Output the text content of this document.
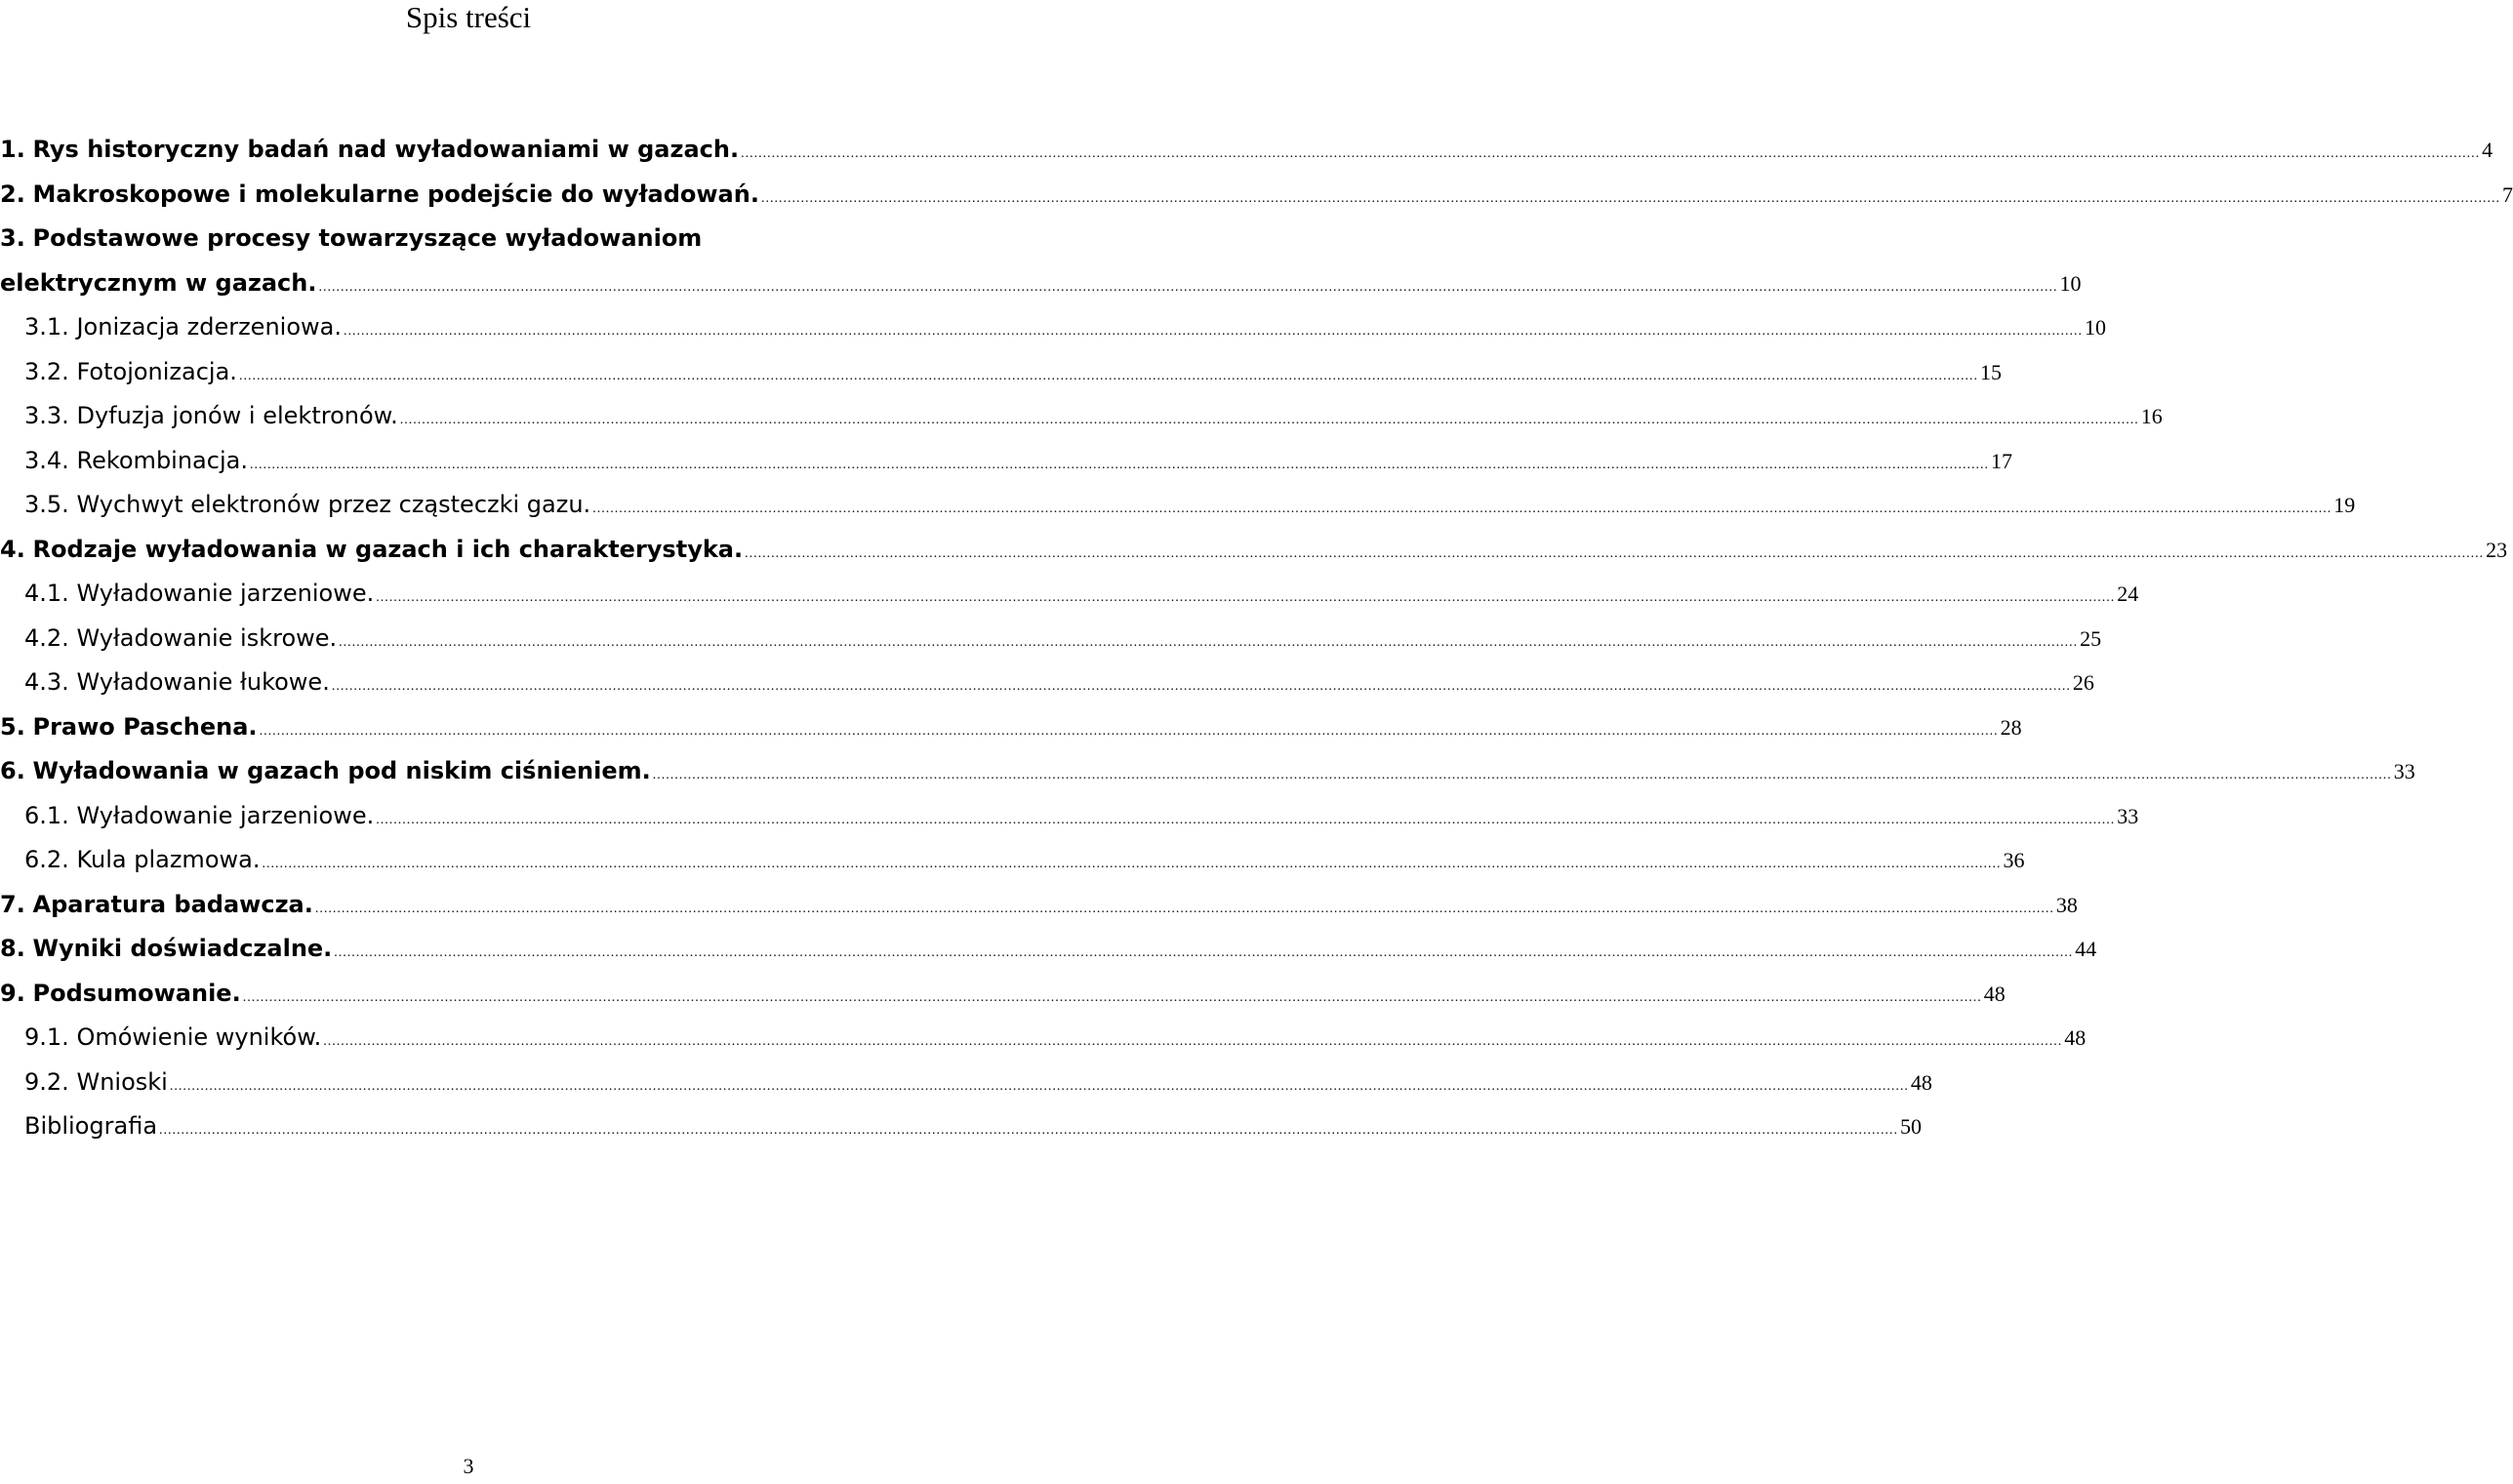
Spis treści
1. Rys historyczny badań nad wyładowaniami w gazach. .....	4
2. Makroskopowe i molekularne podejście do wyładowań. .....	7
3. Podstawowe procesy towarzyszące wyładowaniom
elektrycznym w gazach. .....	10
3.1. Jonizacja zderzeniowa. .....	10
3.2. Fotojonizacja. .....	15
3.3. Dyfuzja jonów i elektronów. .....	16
3.4. Rekombinacja. .....	17
3.5. Wychwyt elektronów przez cząsteczki gazu. .....	19
4. Rodzaje wyładowania w gazach i ich charakterystyka. .....	23
4.1. Wyładowanie jarzeniowe. .....	24
4.2. Wyładowanie iskrowe. .....	25
4.3. Wyładowanie łukowe. .....	26
5. Prawo Paschena. .....	28
6. Wyładowania w gazach pod niskim ciśnieniem. .....	33
6.1. Wyładowanie jarzeniowe. .....	33
6.2. Kula plazmowa. .....	36
7. Aparatura badawcza. .....	38
8. Wyniki doświadczalne. .....	44
9. Podsumowanie. .....	48
9.1. Omówienie wyników. .....	48
9.2. Wnioski .....	48
Bibliografia .....	50
3
